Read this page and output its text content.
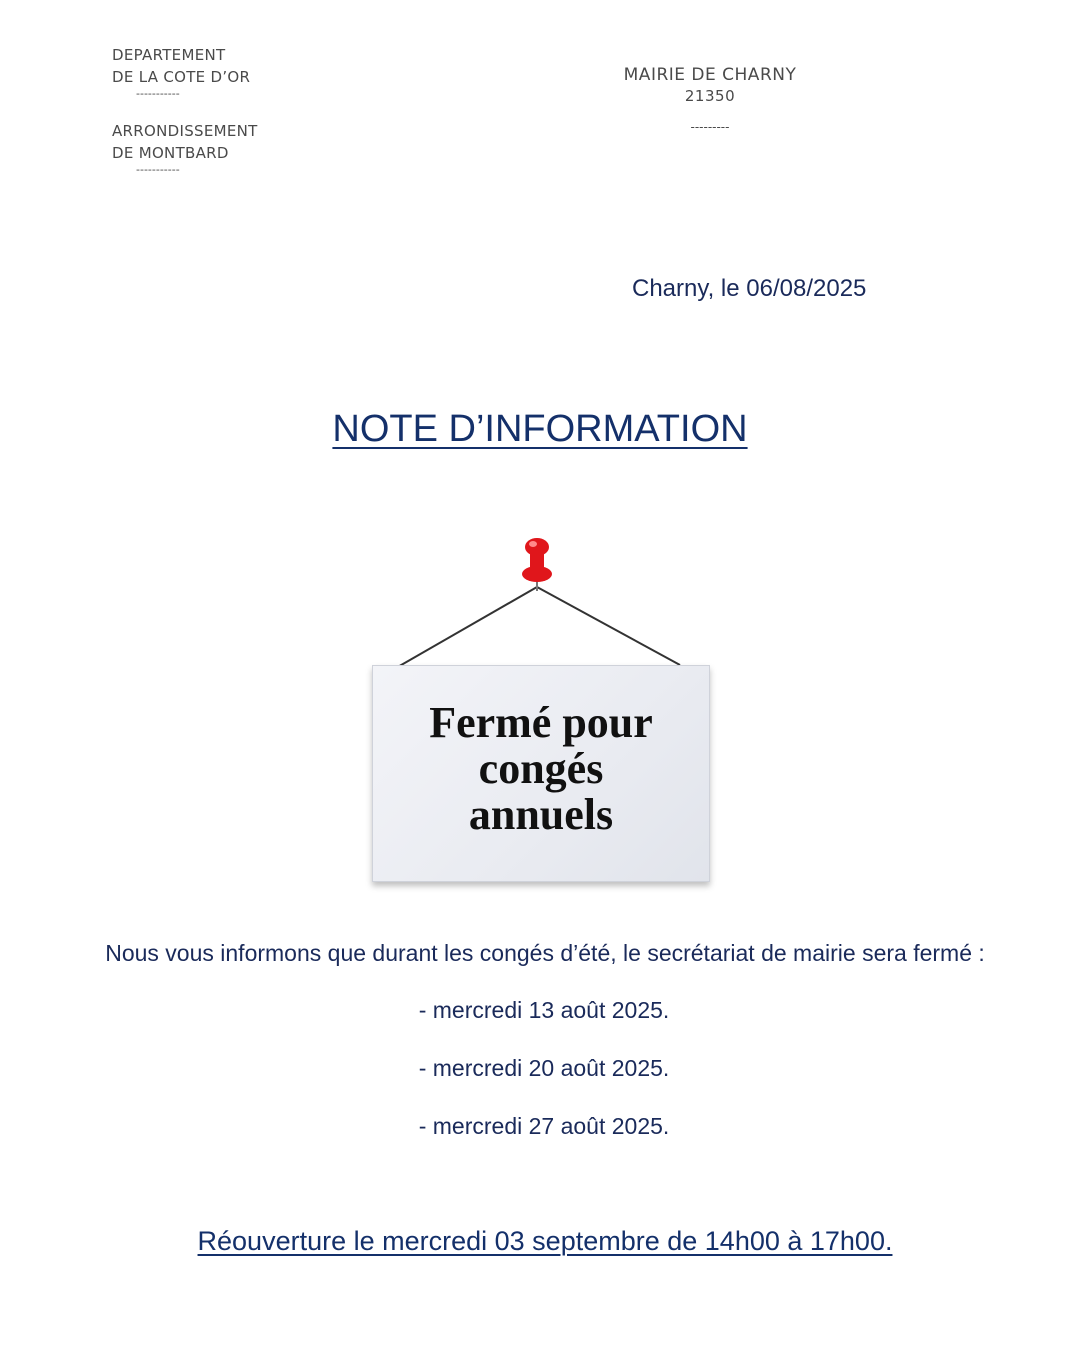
DEPARTEMENT
DE LA COTE D’OR
-----------
ARRONDISSEMENT
DE MONTBARD
-----------
MAIRIE DE CHARNY
21350
---------
Charny, le 06/08/2025
NOTE D’INFORMATION
Fermé pour
congés
annuels
Nous vous informons que durant les congés d’été, le secrétariat de mairie sera fermé :
- mercredi 13 août 2025.
- mercredi 20 août 2025.
- mercredi 27 août 2025.
Réouverture le mercredi 03 septembre de 14h00 à 17h00.
